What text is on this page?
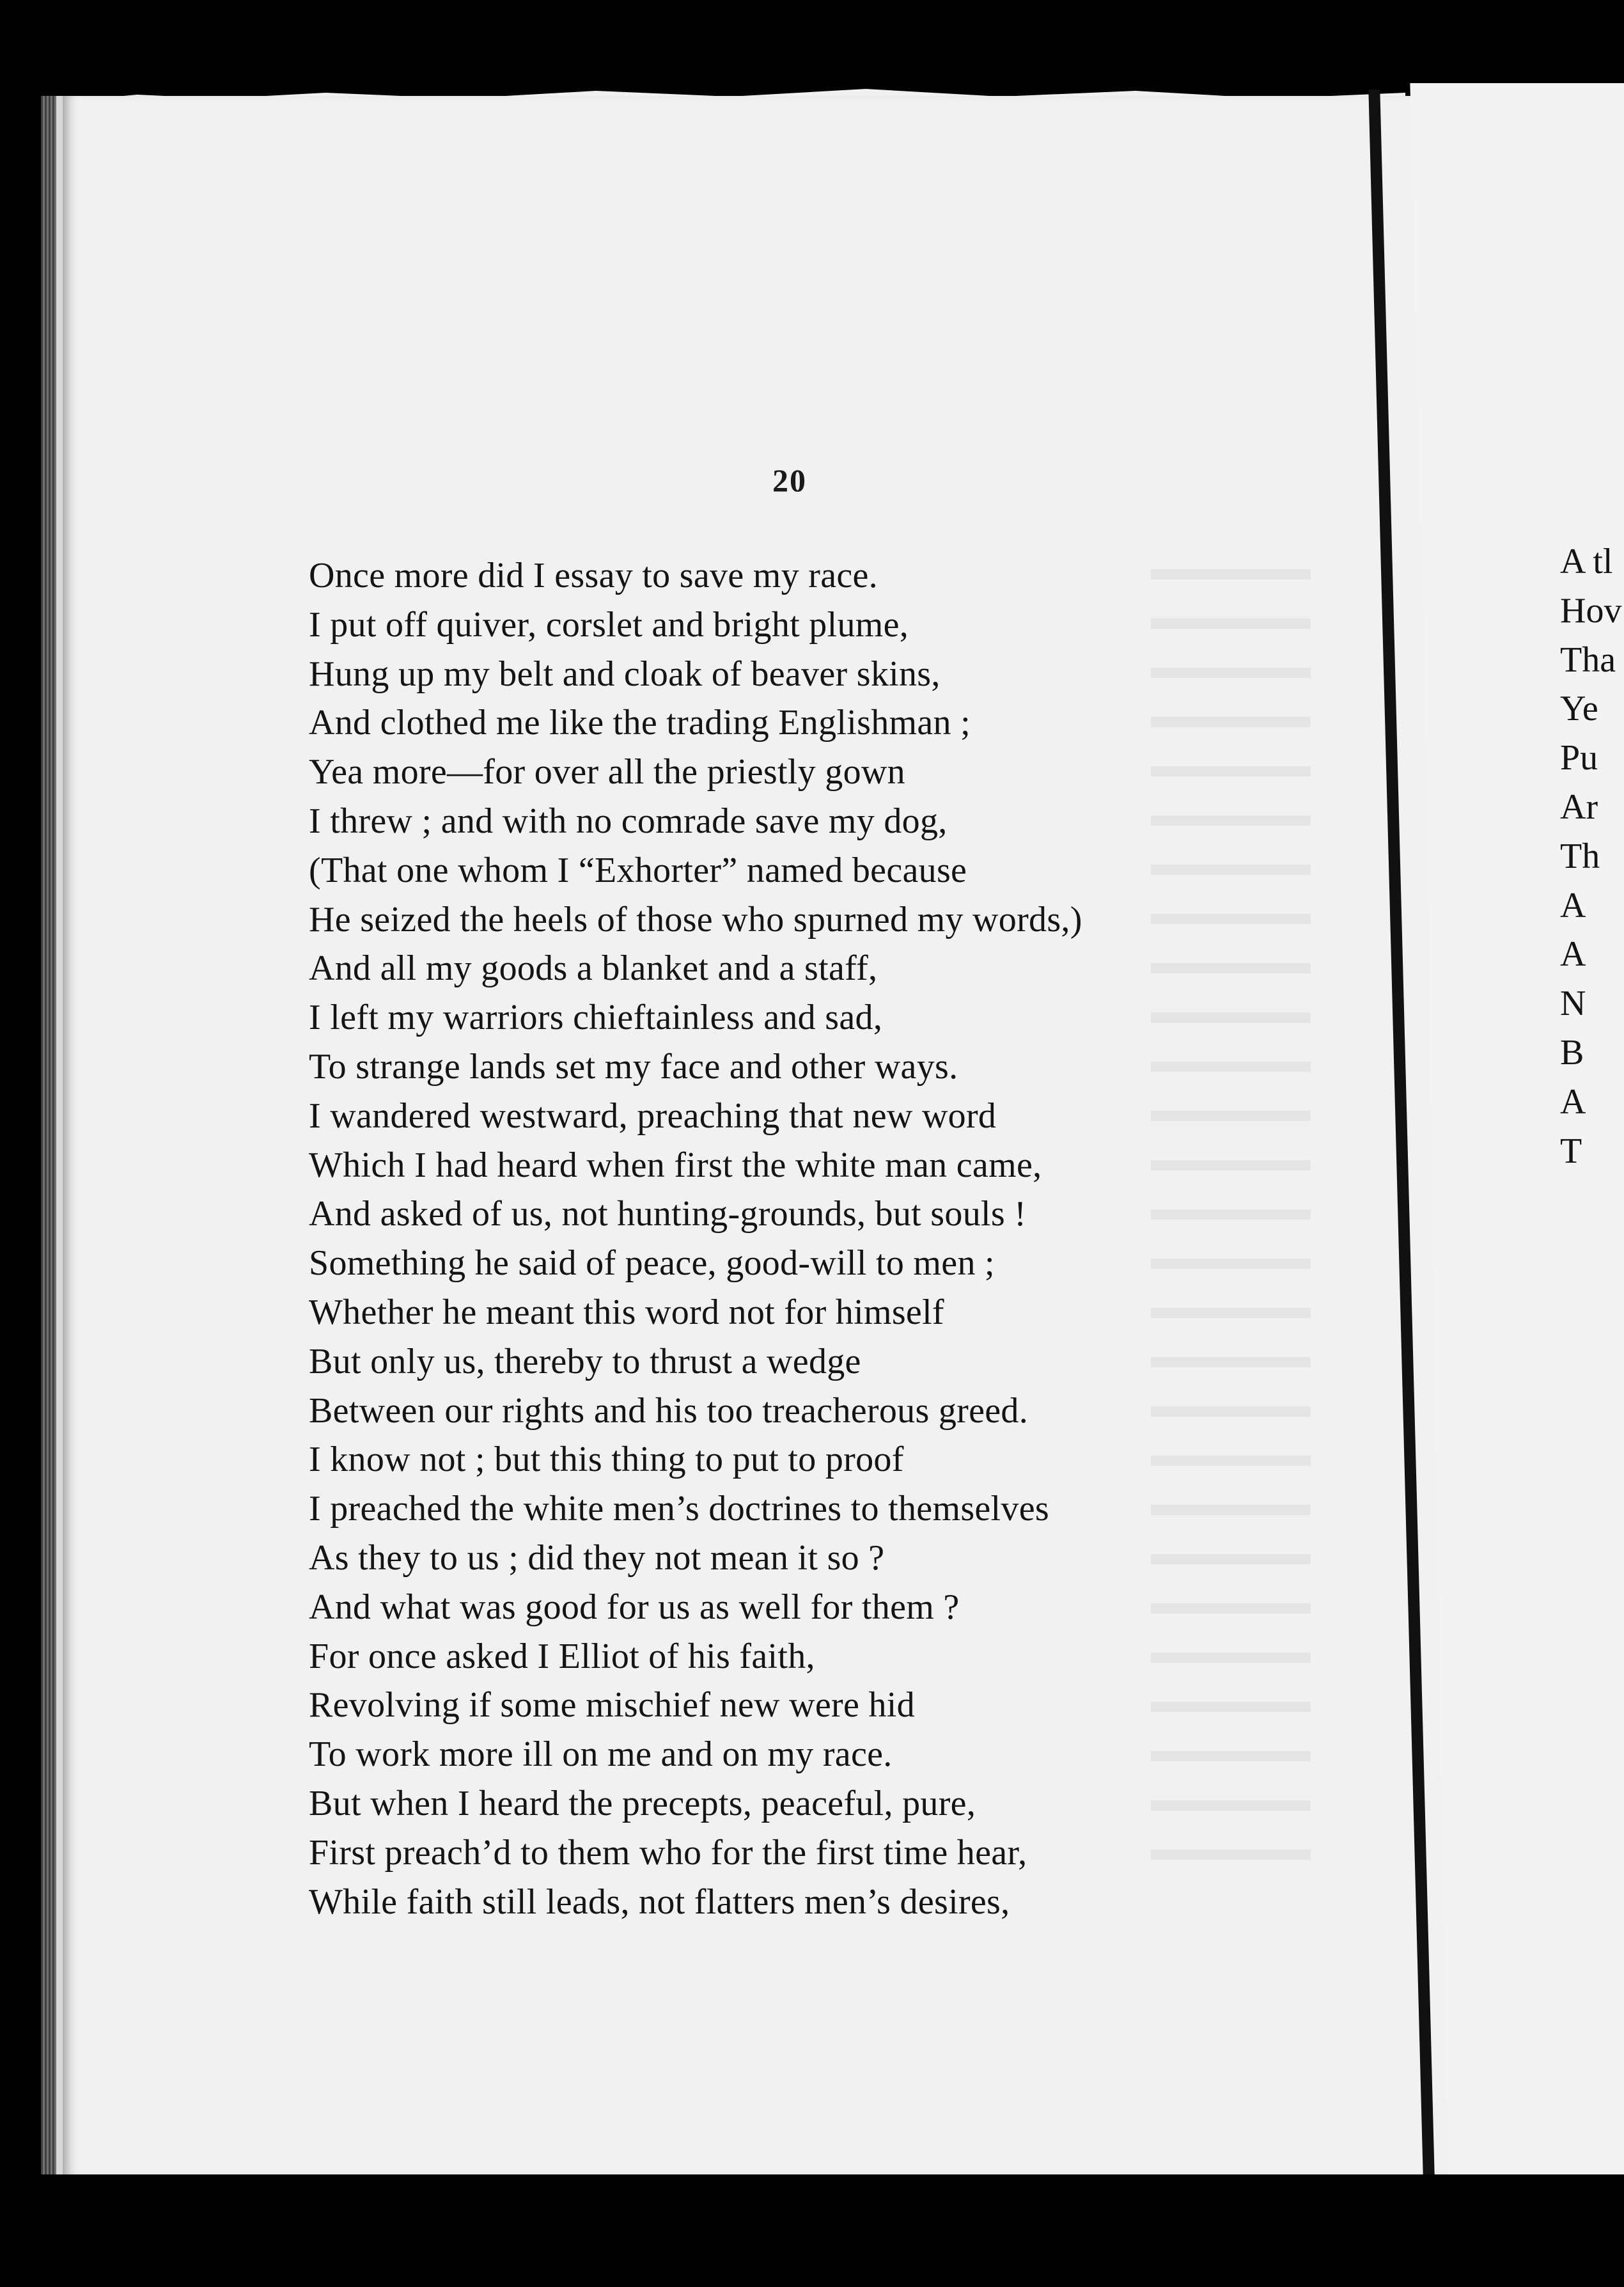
20
Once more did I essay to save my race.
I put off quiver, corslet and bright plume,
Hung up my belt and cloak of beaver skins,
And clothed me like the trading Englishman ;
Yea more—for over all the priestly gown
I threw ; and with no comrade save my dog,
(That one whom I “Exhorter” named because
He seized the heels of those who spurned my words,)
And all my goods a blanket and a staff,
I left my warriors chieftainless and sad,
To strange lands set my face and other ways.
I wandered westward, preaching that new word
Which I had heard when first the white man came,
And asked of us, not hunting-grounds, but souls !
Something he said of peace, good-will to men ;
Whether he meant this word not for himself
But only us, thereby to thrust a wedge
Between our rights and his too treacherous greed.
I know not ; but this thing to put to proof
I preached the white men’s doctrines to themselves
As they to us ; did they not mean it so ?
And what was good for us as well for them ?
For once asked I Elliot of his faith,
Revolving if some mischief new were hid
To work more ill on me and on my race.
But when I heard the precepts, peaceful, pure,
First preach’d to them who for the first time hear,
While faith still leads, not flatters men’s desires,
A tl
Hov
Tha
Ye
Pu
Ar
Th
A
A
N
B
A
T
